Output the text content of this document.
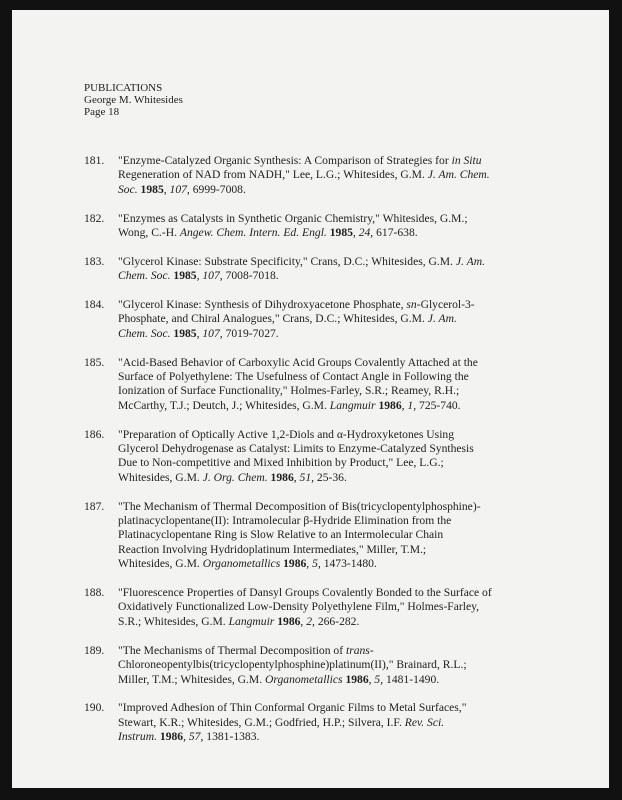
PUBLICATIONS
George M. Whitesides
Page 18
181. "Enzyme-Catalyzed Organic Synthesis: A Comparison of Strategies for in Situ
Regeneration of NAD from NADH," Lee, L.G.; Whitesides, G.M. J. Am. Chem.
Soc. 1985, 107, 6999-7008.
182. "Enzymes as Catalysts in Synthetic Organic Chemistry," Whitesides, G.M.;
Wong, C.-H. Angew. Chem. Intern. Ed. Engl. 1985, 24, 617-638.
183. "Glycerol Kinase: Substrate Specificity," Crans, D.C.; Whitesides, G.M. J. Am.
Chem. Soc. 1985, 107, 7008-7018.
184. "Glycerol Kinase: Synthesis of Dihydroxyacetone Phosphate, sn-Glycerol-3-
Phosphate, and Chiral Analogues," Crans, D.C.; Whitesides, G.M. J. Am.
Chem. Soc. 1985, 107, 7019-7027.
185. "Acid-Based Behavior of Carboxylic Acid Groups Covalently Attached at the
Surface of Polyethylene: The Usefulness of Contact Angle in Following the
Ionization of Surface Functionality," Holmes-Farley, S.R.; Reamey, R.H.;
McCarthy, T.J.; Deutch, J.; Whitesides, G.M. Langmuir 1986, 1, 725-740.
186. "Preparation of Optically Active 1,2-Diols and α-Hydroxyketones Using
Glycerol Dehydrogenase as Catalyst: Limits to Enzyme-Catalyzed Synthesis
Due to Non-competitive and Mixed Inhibition by Product," Lee, L.G.;
Whitesides, G.M. J. Org. Chem. 1986, 51, 25-36.
187. "The Mechanism of Thermal Decomposition of Bis(tricyclopentylphosphine)-
platinacyclopentane(II): Intramolecular β-Hydride Elimination from the
Platinacyclopentane Ring is Slow Relative to an Intermolecular Chain
Reaction Involving Hydridoplatinum Intermediates," Miller, T.M.;
Whitesides, G.M. Organometallics 1986, 5, 1473-1480.
188. "Fluorescence Properties of Dansyl Groups Covalently Bonded to the Surface of
Oxidatively Functionalized Low-Density Polyethylene Film," Holmes-Farley,
S.R.; Whitesides, G.M. Langmuir 1986, 2, 266-282.
189. "The Mechanisms of Thermal Decomposition of trans-
Chloroneopentylbis(tricyclopentylphosphine)platinum(II)," Brainard, R.L.;
Miller, T.M.; Whitesides, G.M. Organometallics 1986, 5, 1481-1490.
190. "Improved Adhesion of Thin Conformal Organic Films to Metal Surfaces,"
Stewart, K.R.; Whitesides, G.M.; Godfried, H.P.; Silvera, I.F. Rev. Sci.
Instrum. 1986, 57, 1381-1383.
